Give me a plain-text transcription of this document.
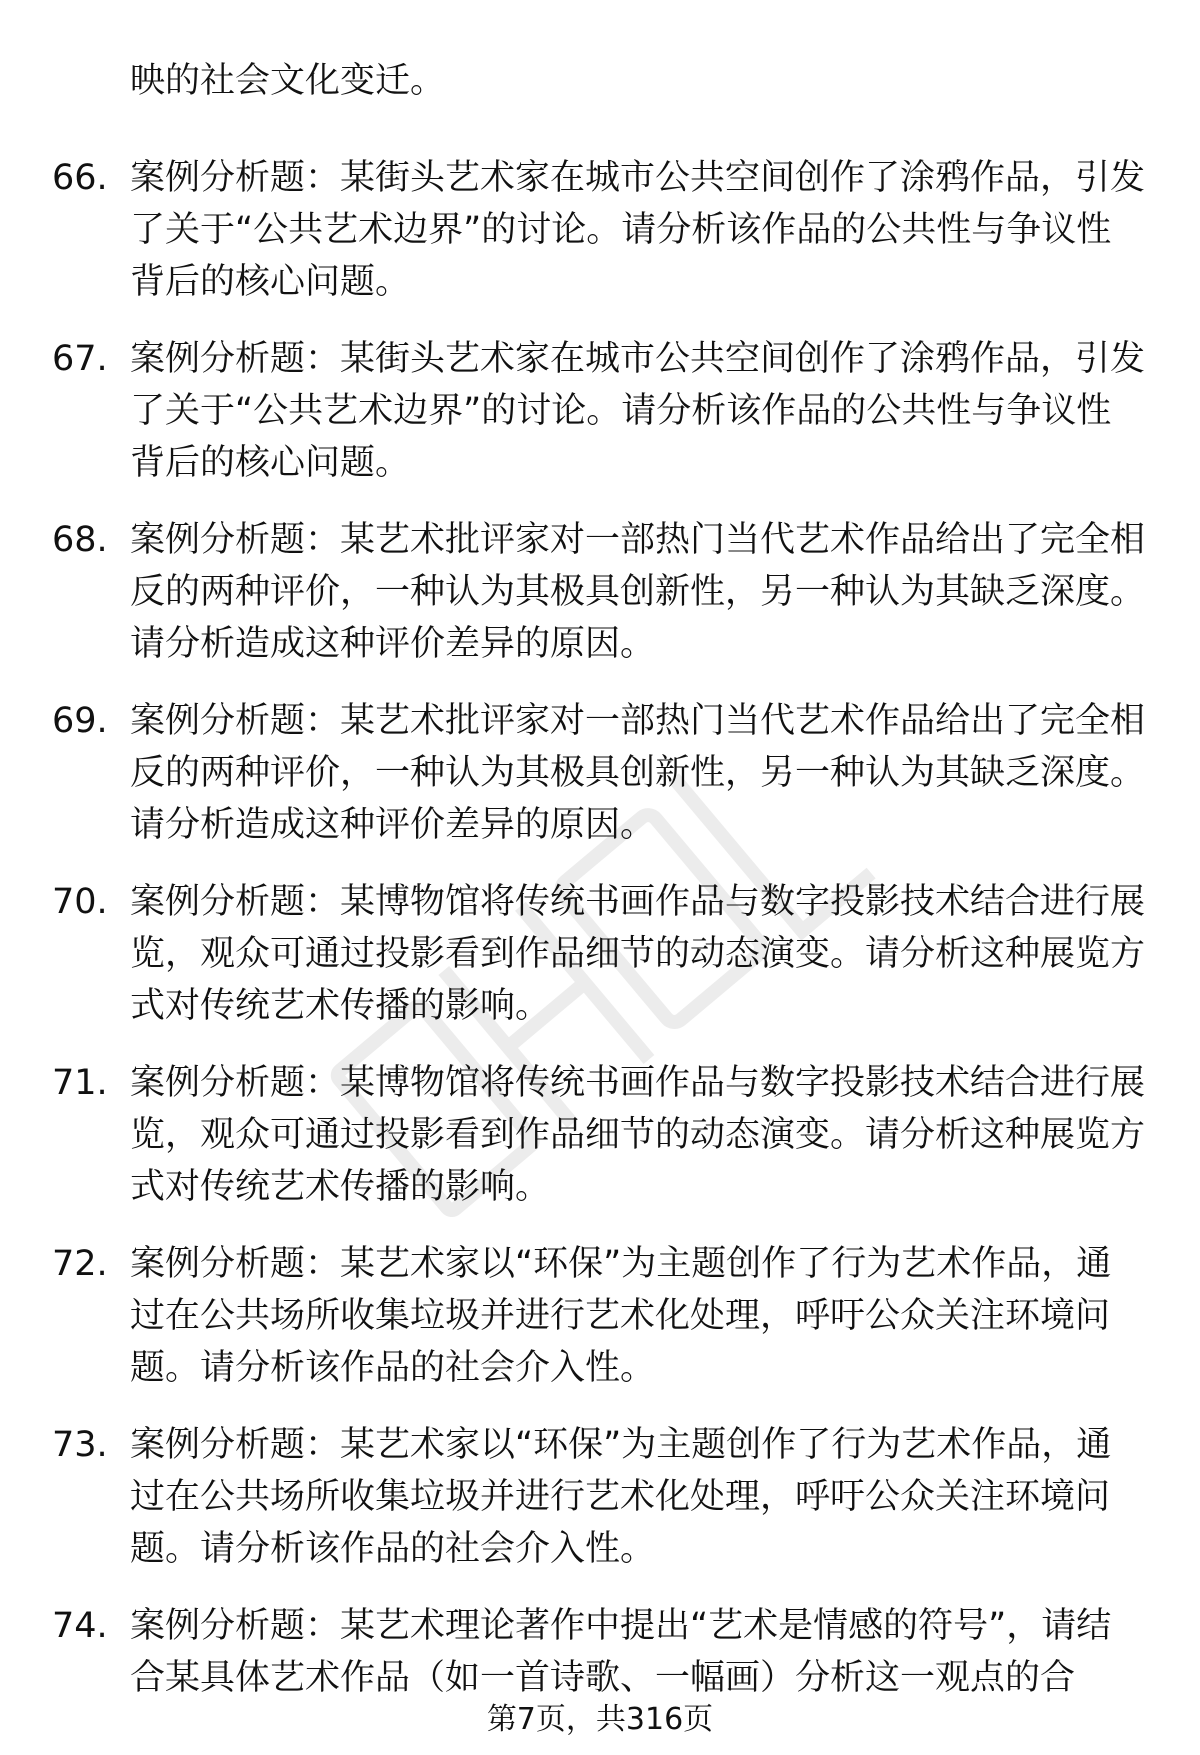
映的社会文化变迁。

66. 案例分析题：某街头艺术家在城市公共空间创作了涂鸦作品，引发了关于“公共艺术边界”的讨论。请分析该作品的公共性与争议性背后的核心问题。

67. 案例分析题：某街头艺术家在城市公共空间创作了涂鸦作品，引发了关于“公共艺术边界”的讨论。请分析该作品的公共性与争议性背后的核心问题。

68. 案例分析题：某艺术批评家对一部热门当代艺术作品给出了完全相反的两种评价，一种认为其极具创新性，另一种认为其缺乏深度。请分析造成这种评价差异的原因。

69. 案例分析题：某艺术批评家对一部热门当代艺术作品给出了完全相反的两种评价，一种认为其极具创新性，另一种认为其缺乏深度。请分析造成这种评价差异的原因。

70. 案例分析题：某博物馆将传统书画作品与数字投影技术结合进行展览，观众可通过投影看到作品细节的动态演变。请分析这种展览方式对传统艺术传播的影响。

71. 案例分析题：某博物馆将传统书画作品与数字投影技术结合进行展览，观众可通过投影看到作品细节的动态演变。请分析这种展览方式对传统艺术传播的影响。

72. 案例分析题：某艺术家以“环保”为主题创作了行为艺术作品，通过在公共场所收集垃圾并进行艺术化处理，呼吁公众关注环境问题。请分析该作品的社会介入性。

73. 案例分析题：某艺术家以“环保”为主题创作了行为艺术作品，通过在公共场所收集垃圾并进行艺术化处理，呼吁公众关注环境问题。请分析该作品的社会介入性。

74. 案例分析题：某艺术理论著作中提出“艺术是情感的符号”，请结合某具体艺术作品（如一首诗歌、一幅画）分析这一观点的合

第7页，共316页
